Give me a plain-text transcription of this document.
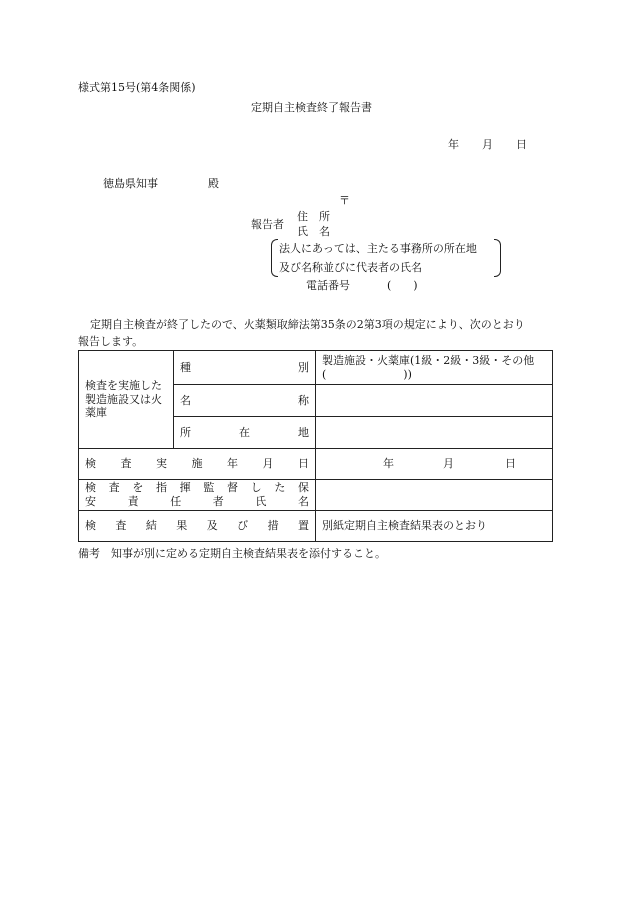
様式第15号(第4条関係)
定期自主検査終了報告書
年 月 日
徳島県知事	殿
〒
報告者
住　所
氏　名
法人にあっては、主たる事務所の所在地
及び名称並びに代表者の氏名
電話番号	(　　)
定期自主検査が終了したので、火薬類取締法第35条の2第3項の規定により、次のとおり
報告します。
検査を実施した製造施設又は火薬庫	種　　　　　別	製造施設・火薬庫(1級・2級・3級・その他
(　　　　　　　))

	名　　　　　称	
	所　　在　　地	
検査実施年月日		年 月 日

検査を指揮監督した保
安責任者氏名		

検査結果及び措置		別紙定期自主検査結果表のとおり
備考　知事が別に定める定期自主検査結果表を添付すること。
